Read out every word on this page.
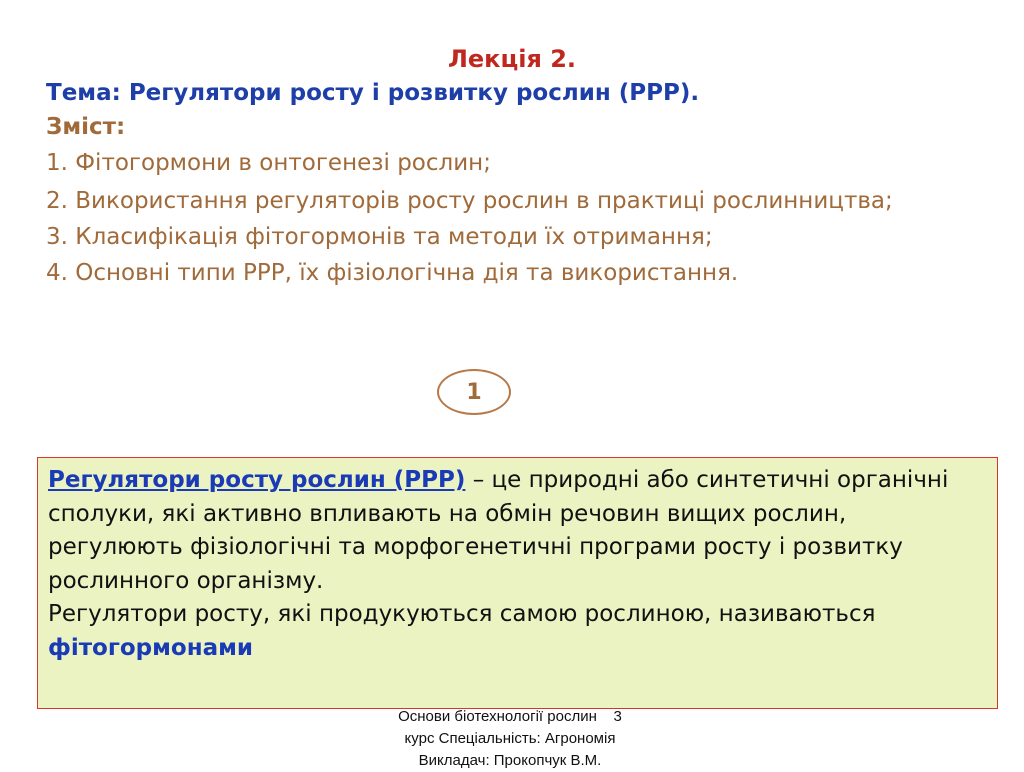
Лекція 2.
Тема: Регулятори росту і розвитку рослин (РРР).
Зміст:
1. Фітогормони в онтогенезі рослин;
2. Використання регуляторів росту рослин в практиці рослинництва;
3. Класифікація фітогормонів та методи їх отримання;
4. Основні типи РРР, їх фізіологічна дія та використання.
1
Регулятори росту рослин (РРР) – це природні або синтетичні органічні сполуки, які активно впливають на обмін речовин вищих рослин, регулюють фізіологічні та морфогенетичні програми росту і розвитку рослинного організму.
Регулятори росту, які продукуються самою рослиною, називаються фітогормонами
Основи біотехнології рослин    3
курс Спеціальність: Агрономія
Викладач: Прокопчук В.М.
